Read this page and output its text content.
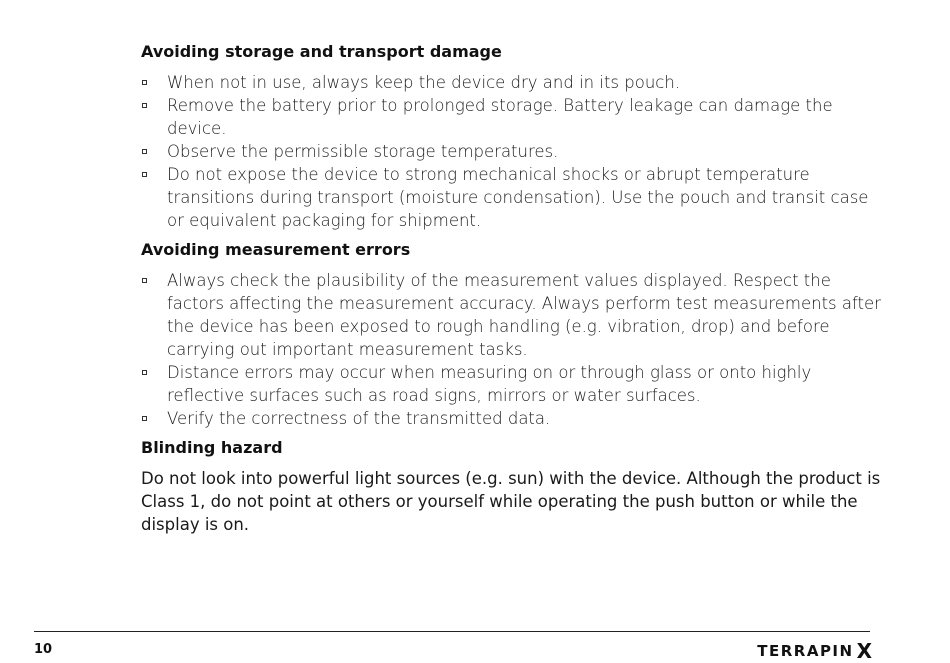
Avoiding storage and transport damage
When not in use, always keep the device dry and in its pouch.
Remove the battery prior to prolonged storage. Battery leakage can damage the device.
Observe the permissible storage temperatures.
Do not expose the device to strong mechanical shocks or abrupt temperature transitions during transport (moisture condensation). Use the pouch and transit case or equivalent packaging for shipment.
Avoiding measurement errors
Always check the plausibility of the measurement values displayed. Respect the factors affecting the measurement accuracy. Always perform test measurements after the device has been exposed to rough handling (e.g. vibration, drop) and before carrying out important measurement tasks.
Distance errors may occur when measuring on or through glass or onto highly reflective surfaces such as road signs, mirrors or water surfaces.
Verify the correctness of the transmitted data.
Blinding hazard

Do not look into powerful light sources (e.g. sun) with the device. Although the product is Class 1, do not point at others or yourself while operating the push button or while the display is on.

10	TERRAPIN X
